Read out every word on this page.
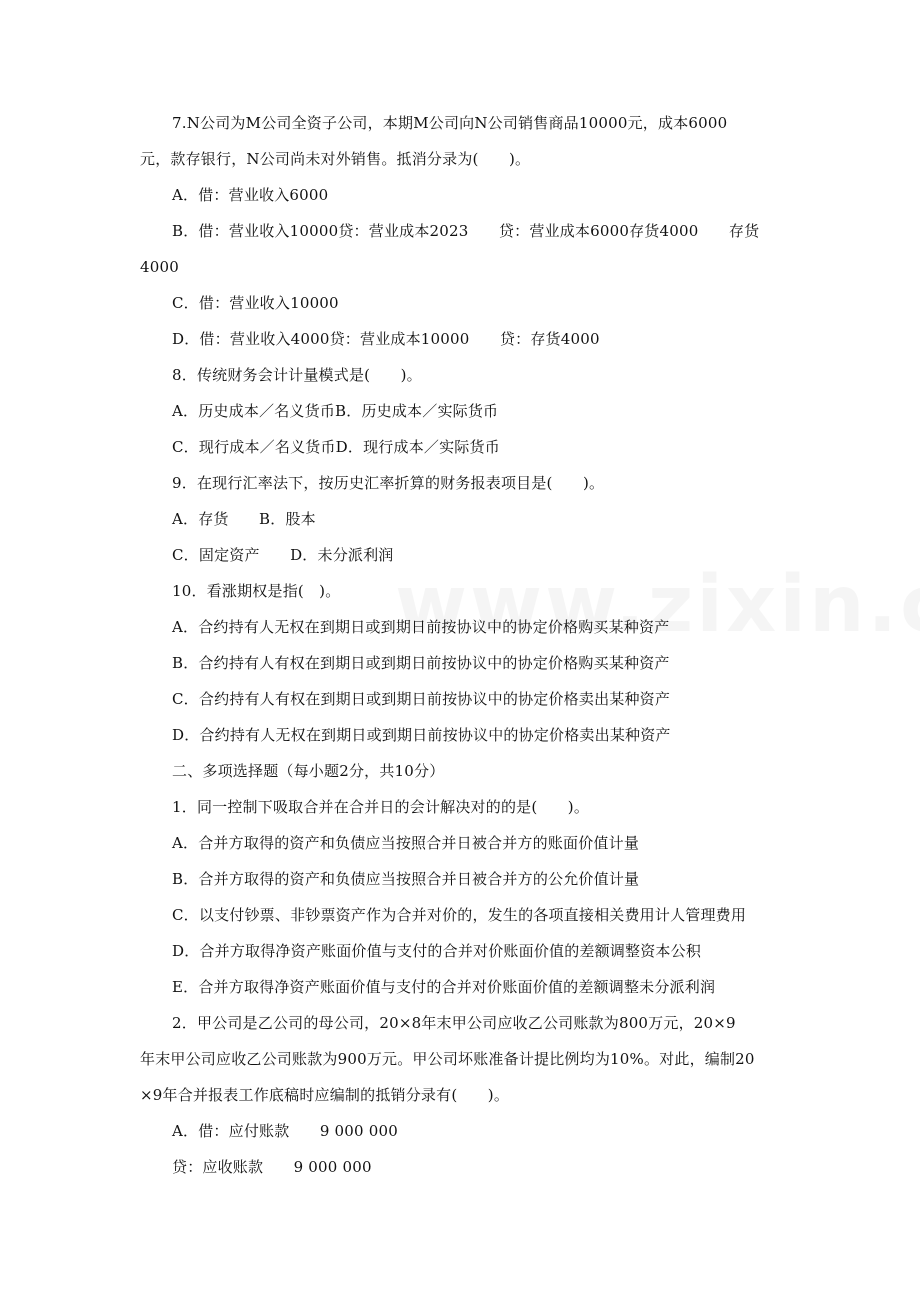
7.N公司为M公司全资子公司，本期M公司向N公司销售商品10000元，成本6000
元，款存银行，N公司尚未对外销售。抵消分录为(　　)。
A．借：营业收入6000
B．借：营业收入10000贷：营业成本2023　　贷：营业成本6000存货4000　　存货
4000
C．借：营业收入10000
D．借：营业收入4000贷：营业成本10000　　贷：存货4000
8．传统财务会计计量模式是(　　)。
A．历史成本／名义货币B．历史成本／实际货币
C．现行成本／名义货币D．现行成本／实际货币
9．在现行汇率法下，按历史汇率折算的财务报表项目是(　　)。
A．存货　　B．股本
C．固定资产　　D．未分派利润
10．看涨期权是指(　)。
A．合约持有人无权在到期日或到期日前按协议中的协定价格购买某种资产
B．合约持有人有权在到期日或到期日前按协议中的协定价格购买某种资产
C．合约持有人有权在到期日或到期日前按协议中的协定价格卖出某种资产
D．合约持有人无权在到期日或到期日前按协议中的协定价格卖出某种资产
二、多项选择题（每小题2分，共10分）
1．同一控制下吸取合并在合并日的会计解决对的的是(　　)。
A．合并方取得的资产和负债应当按照合并日被合并方的账面价值计量
B．合并方取得的资产和负债应当按照合并日被合并方的公允价值计量
C．以支付钞票、非钞票资产作为合并对价的，发生的各项直接相关费用计人管理费用
D．合并方取得净资产账面价值与支付的合并对价账面价值的差额调整资本公积
E．合并方取得净资产账面价值与支付的合并对价账面价值的差额调整未分派利润
2．甲公司是乙公司的母公司，20×8年末甲公司应收乙公司账款为800万元，20×9
年末甲公司应收乙公司账款为900万元。甲公司坏账准备计提比例均为10%。对此，编制20
×9年合并报表工作底稿时应编制的抵销分录有(　　)。
A．借：应付账款　　9 000 000
贷：应收账款　　9 000 000
